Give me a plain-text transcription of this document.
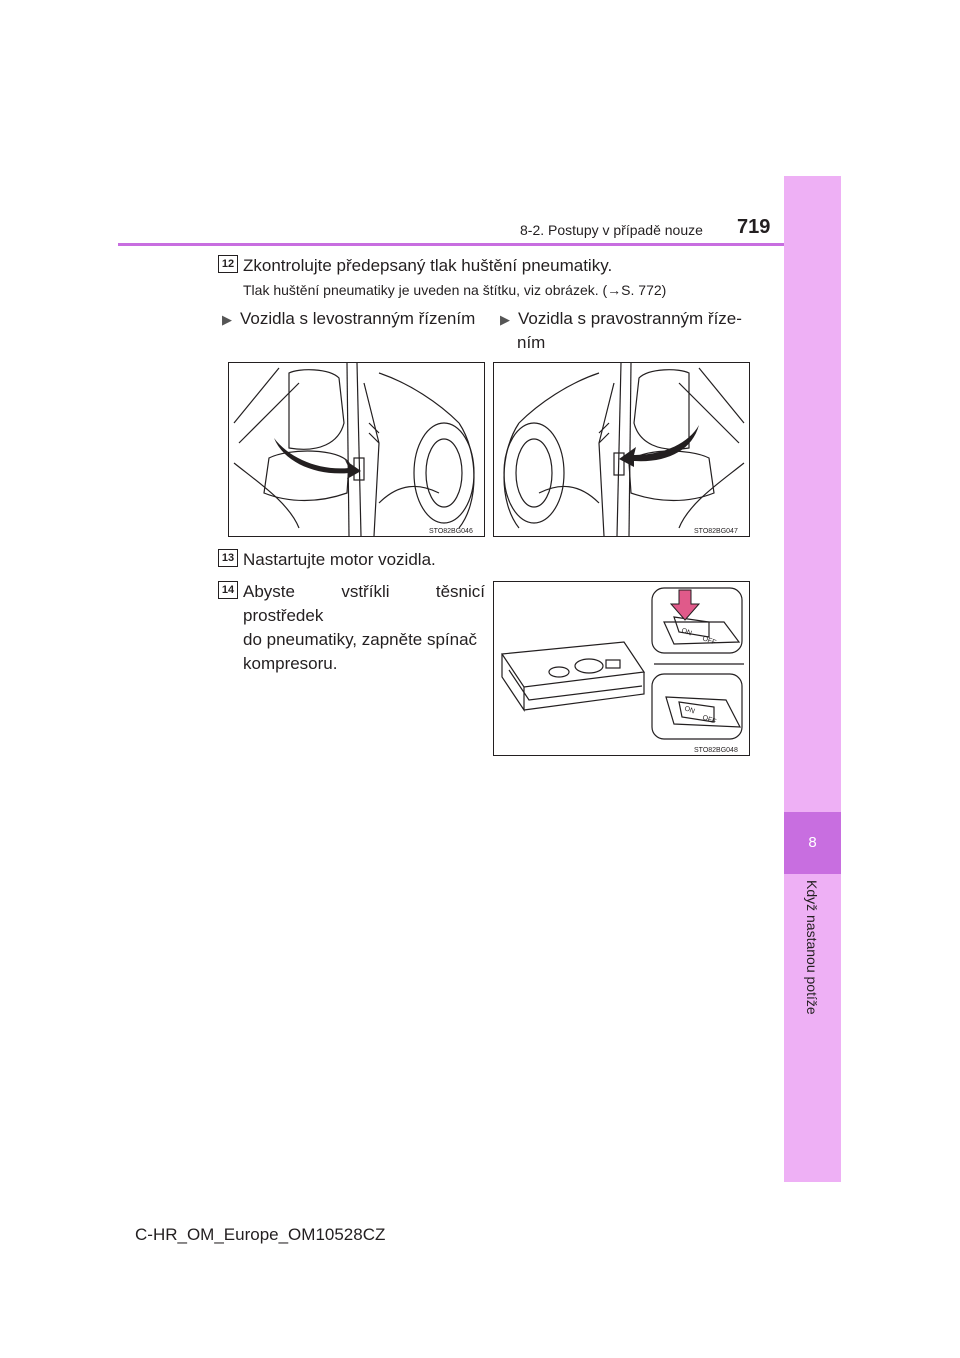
8
Když nastanou potíže
8-2. Postupy v případě nouze 719
12 Zkontrolujte předepsaný tlak huštění pneumatiky.
Tlak huštění pneumatiky je uveden na štítku, viz obrázek. (→S. 772)
▶ Vozidla s levostranným řízením ▶ Vozidla s pravostranným říze-
ním
STO82BG046	STO82BG047
13 Nastartujte motor vozidla.
14 Abyste vstříkli těsnicí prostředek
do pneumatiky, zapněte spínač
kompresoru.
ON
OFF
ON
OFF
STO82BG048
C-HR_OM_Europe_OM10528CZ
